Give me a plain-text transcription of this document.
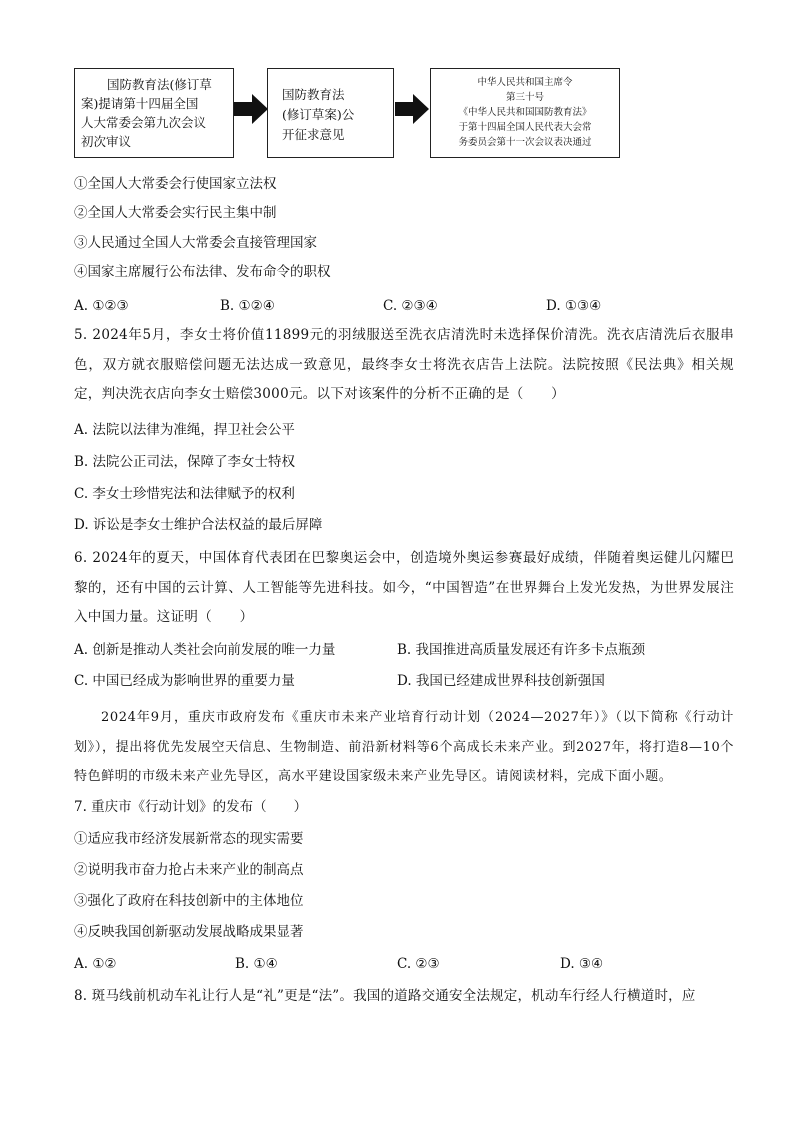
国防教育法(修订草
案)提请第十四届全国
人大常委会第九次会议
初次审议
国防教育法
(修订草案)公
开征求意见
中华人民共和国主席令
第三十号
《中华人民共和国国防教育法》
于第十四届全国人民代表大会常
务委员会第十一次会议表决通过
①全国人大常委会行使国家立法权
②全国人大常委会实行民主集中制
③人民通过全国人大常委会直接管理国家
④国家主席履行公布法律、发布命令的职权
A. ①②③	B. ①②④	C. ②③④	D. ①③④
5. 2024年5月，李女士将价值11899元的羽绒服送至洗衣店清洗时未选择保价清洗。洗衣店清洗后衣服串色，双方就衣服赔偿问题无法达成一致意见，最终李女士将洗衣店告上法院。法院按照《民法典》相关规定，判决洗衣店向李女士赔偿3000元。以下对该案件的分析不正确的是（　　）
A. 法院以法律为准绳，捍卫社会公平
B. 法院公正司法，保障了李女士特权
C. 李女士珍惜宪法和法律赋予的权利
D. 诉讼是李女士维护合法权益的最后屏障
6. 2024年的夏天，中国体育代表团在巴黎奥运会中，创造境外奥运参赛最好成绩，伴随着奥运健儿闪耀巴黎的，还有中国的云计算、人工智能等先进科技。如今，“中国智造”在世界舞台上发光发热，为世界发展注入中国力量。这证明（　　）
A. 创新是推动人类社会向前发展的唯一力量	B. 我国推进高质量发展还有许多卡点瓶颈
C. 中国已经成为影响世界的重要力量	D. 我国已经建成世界科技创新强国
2024年9月，重庆市政府发布《重庆市未来产业培育行动计划（2024—2027年）》（以下简称《行动计划》），提出将优先发展空天信息、生物制造、前沿新材料等6个高成长未来产业。到2027年，将打造8—10个特色鲜明的市级未来产业先导区，高水平建设国家级未来产业先导区。请阅读材料，完成下面小题。
7. 重庆市《行动计划》的发布（　　）
①适应我市经济发展新常态的现实需要
②说明我市奋力抢占未来产业的制高点
③强化了政府在科技创新中的主体地位
④反映我国创新驱动发展战略成果显著
A. ①②	B. ①④	C. ②③	D. ③④
8. 斑马线前机动车礼让行人是“礼”更是“法”。我国的道路交通安全法规定，机动车行经人行横道时，应
